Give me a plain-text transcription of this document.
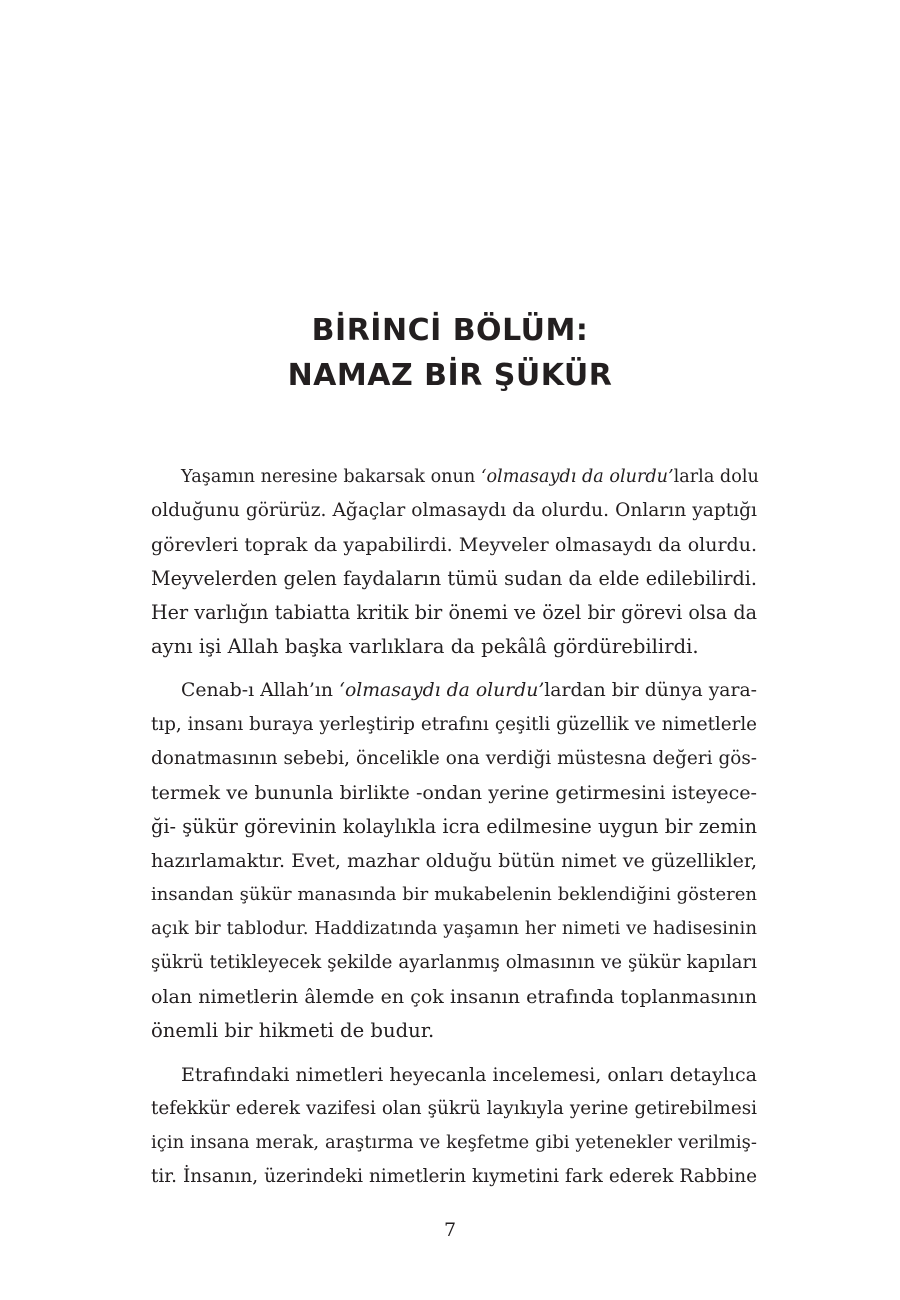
BİRİNCİ BÖLÜM:
NAMAZ BİR ŞÜKÜR
Yaşamın neresine bakarsak onun ‘olmasaydı da olurdu’larla dolu
olduğunu görürüz. Ağaçlar olmasaydı da olurdu. Onların yaptığı
görevleri toprak da yapabilirdi. Meyveler olmasaydı da olurdu.
Meyvelerden gelen faydaların tümü sudan da elde edilebilirdi.
Her varlığın tabiatta kritik bir önemi ve özel bir görevi olsa da
aynı işi Allah başka varlıklara da pekâlâ gördürebilirdi.
Cenab-ı Allah’ın ‘olmasaydı da olurdu’lardan bir dünya yara-
tıp, insanı buraya yerleştirip etrafını çeşitli güzellik ve nimetlerle
donatmasının sebebi, öncelikle ona verdiği müstesna değeri gös-
termek ve bununla birlikte -ondan yerine getirmesini isteyece-
ği- şükür görevinin kolaylıkla icra edilmesine uygun bir zemin
hazırlamaktır. Evet, mazhar olduğu bütün nimet ve güzellikler,
insandan şükür manasında bir mukabelenin beklendiğini gösteren
açık bir tablodur. Haddizatında yaşamın her nimeti ve hadisesinin
şükrü tetikleyecek şekilde ayarlanmış olmasının ve şükür kapıları
olan nimetlerin âlemde en çok insanın etrafında toplanmasının
önemli bir hikmeti de budur.
Etrafındaki nimetleri heyecanla incelemesi, onları detaylıca
tefekkür ederek vazifesi olan şükrü layıkıyla yerine getirebilmesi
için insana merak, araştırma ve keşfetme gibi yetenekler verilmiş-
tir. İnsanın, üzerindeki nimetlerin kıymetini fark ederek Rabbine
7
